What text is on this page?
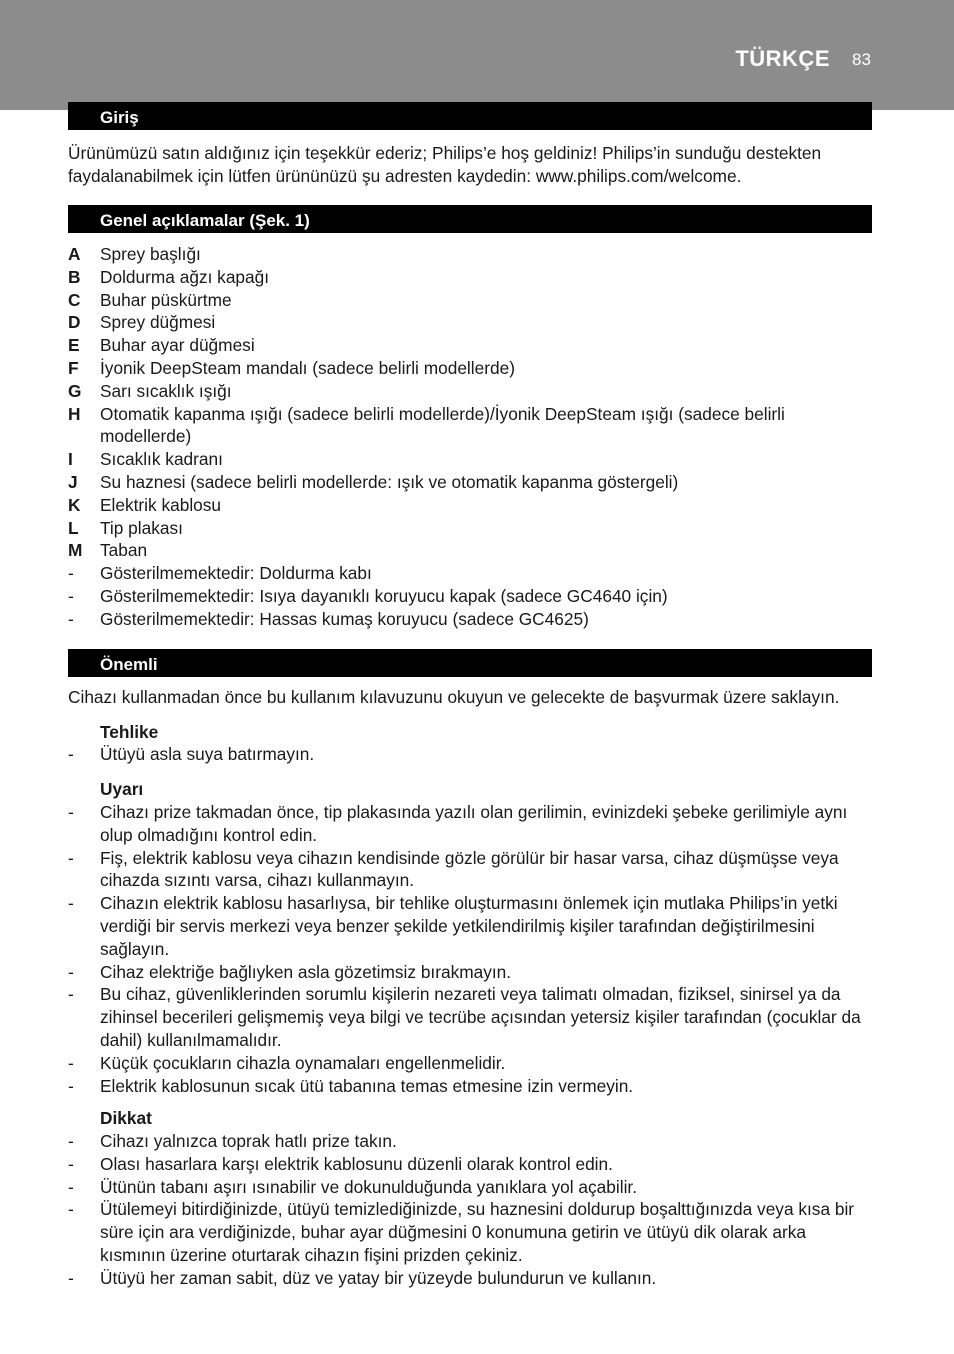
TÜRKÇE 83
Giriş
Ürünümüzü satın aldığınız için teşekkür ederiz; Philips’e hoş geldiniz! Philips’in sunduğu destekten faydalanabilmek için lütfen ürününüzü şu adresten kaydedin: www.philips.com/welcome.
Genel açıklamalar (Şek. 1)
A	Sprey başlığı
B	Doldurma ağzı kapağı
C	Buhar püskürtme
D	Sprey düğmesi
E	Buhar ayar düğmesi
F	İyonik DeepSteam mandalı (sadece belirli modellerde)
G	Sarı sıcaklık ışığı
H	Otomatik kapanma ışığı (sadece belirli modellerde)/İyonik DeepSteam ışığı (sadece belirli modellerde)
I	Sıcaklık kadranı
J	Su haznesi (sadece belirli modellerde: ışık ve otomatik kapanma göstergeli)
K	Elektrik kablosu
L	Tip plakası
M	Taban
-	Gösterilmemektedir: Doldurma kabı
-	Gösterilmemektedir: Isıya dayanıklı koruyucu kapak (sadece GC4640 için)
-	Gösterilmemektedir: Hassas kumaş koruyucu (sadece GC4625)
Önemli
Cihazı kullanmadan önce bu kullanım kılavuzunu okuyun ve gelecekte de başvurmak üzere saklayın.
Tehlike
-	Ütüyü asla suya batırmayın.
Uyarı
-	Cihazı prize takmadan önce, tip plakasında yazılı olan gerilimin, evinizdeki şebeke gerilimiyle aynı olup olmadığını kontrol edin.
-	Fiş, elektrik kablosu veya cihazın kendisinde gözle görülür bir hasar varsa, cihaz düşmüşse veya cihazda sızıntı varsa, cihazı kullanmayın.
-	Cihazın elektrik kablosu hasarlıysa, bir tehlike oluşturmasını önlemek için mutlaka Philips’in yetki verdiği bir servis merkezi veya benzer şekilde yetkilendirilmiş kişiler tarafından değiştirilmesini sağlayın.
-	Cihaz elektriğe bağlıyken asla gözetimsiz bırakmayın.
-	Bu cihaz, güvenliklerinden sorumlu kişilerin nezareti veya talimatı olmadan, fiziksel, sinirsel ya da zihinsel becerileri gelişmemiş veya bilgi ve tecrübe açısından yetersiz kişiler tarafından (çocuklar da dahil) kullanılmamalıdır.
-	Küçük çocukların cihazla oynamaları engellenmelidir.
-	Elektrik kablosunun sıcak ütü tabanına temas etmesine izin vermeyin.
Dikkat
-	Cihazı yalnızca toprak hatlı prize takın.
-	Olası hasarlara karşı elektrik kablosunu düzenli olarak kontrol edin.
-	Ütünün tabanı aşırı ısınabilir ve dokunulduğunda yanıklara yol açabilir.
-	Ütülemeyi bitirdiğinizde, ütüyü temizlediğinizde, su haznesini doldurup boşalttığınızda veya kısa bir süre için ara verdiğinizde, buhar ayar düğmesini 0 konumuna getirin ve ütüyü dik olarak arka kısmının üzerine oturtarak cihazın fişini prizden çekiniz.
-	Ütüyü her zaman sabit, düz ve yatay bir yüzeyde bulundurun ve kullanın.
